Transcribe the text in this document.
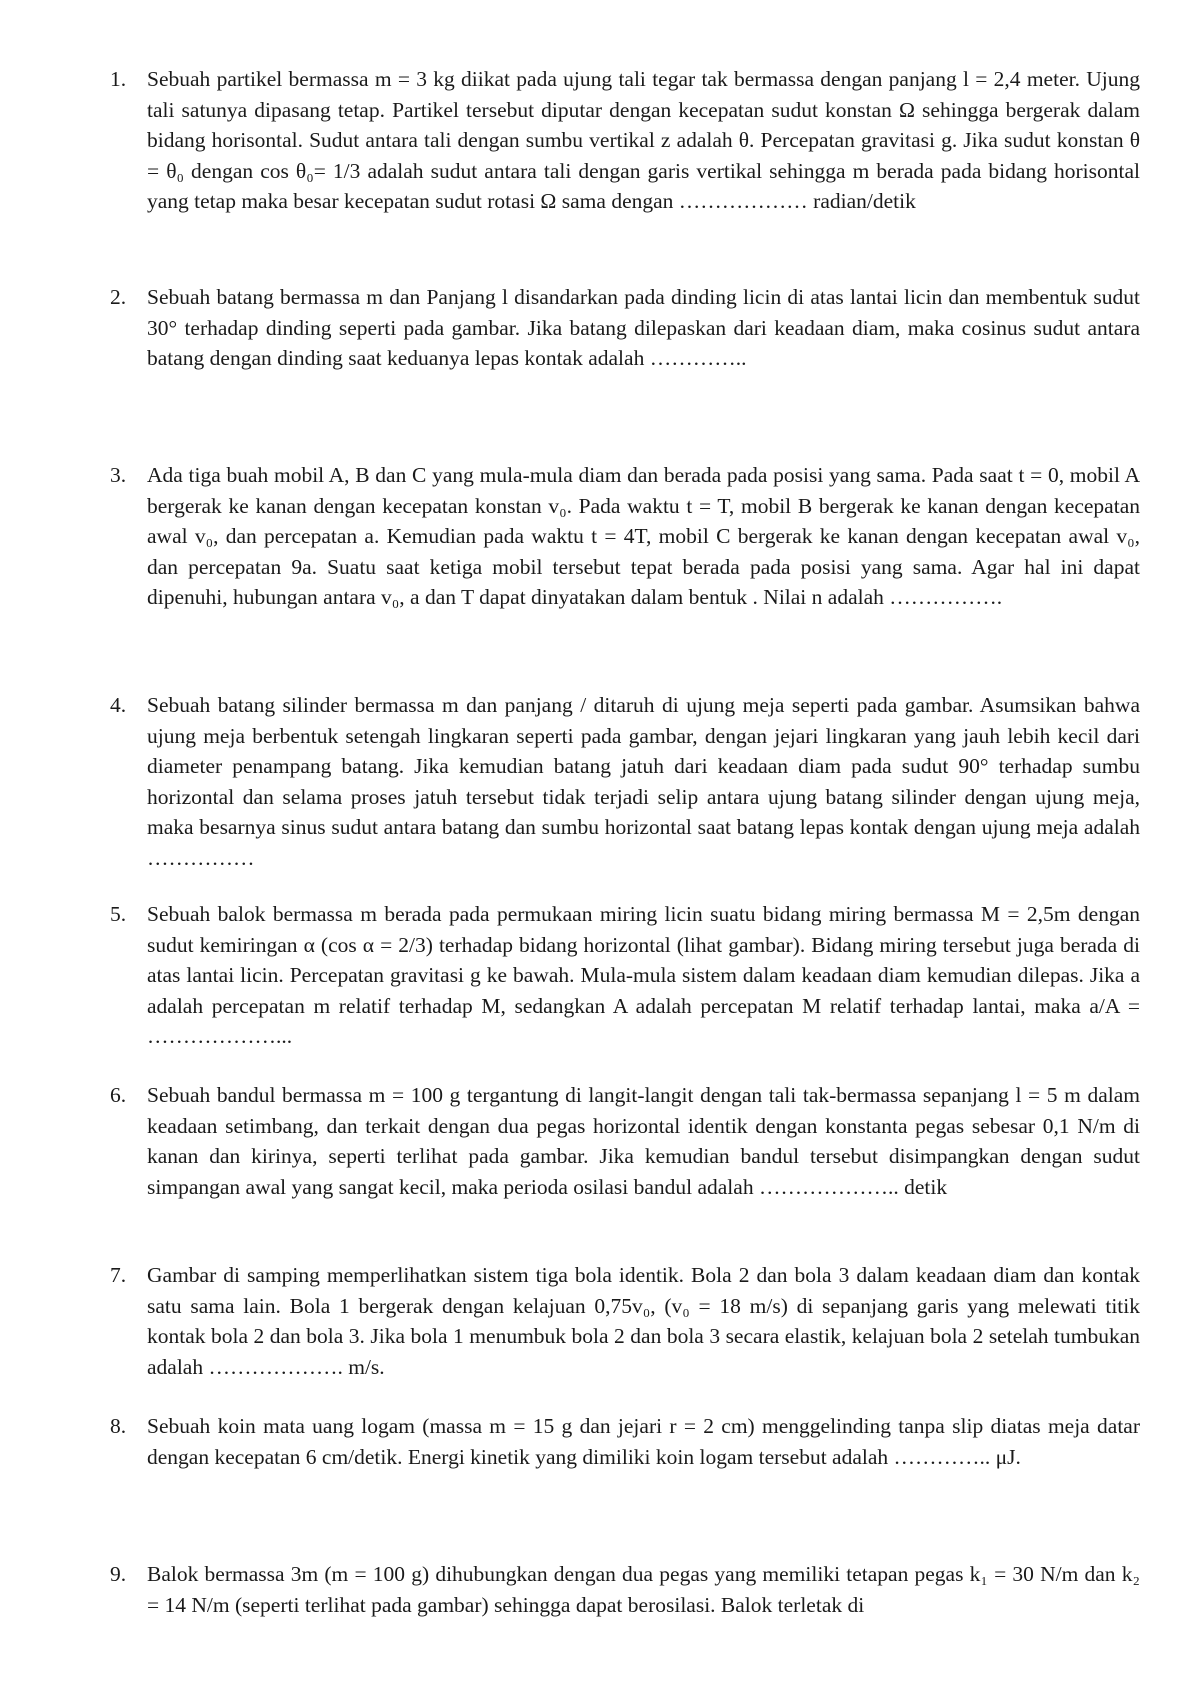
1. Sebuah partikel bermassa m = 3 kg diikat pada ujung tali tegar tak bermassa dengan panjang l = 2,4 meter. Ujung tali satunya dipasang tetap. Partikel tersebut diputar dengan kecepatan sudut konstan Ω sehingga bergerak dalam bidang horisontal. Sudut antara tali dengan sumbu vertikal z adalah θ. Percepatan gravitasi g. Jika sudut konstan θ = θ₀ dengan cos θ₀= 1/3 adalah sudut antara tali dengan garis vertikal sehingga m berada pada bidang horisontal yang tetap maka besar kecepatan sudut rotasi Ω sama dengan ……………… radian/detik
2. Sebuah batang bermassa m dan Panjang l disandarkan pada dinding licin di atas lantai licin dan membentuk sudut 30° terhadap dinding seperti pada gambar. Jika batang dilepaskan dari keadaan diam, maka cosinus sudut antara batang dengan dinding saat keduanya lepas kontak adalah …………..
3. Ada tiga buah mobil A, B dan C yang mula-mula diam dan berada pada posisi yang sama. Pada saat t = 0, mobil A bergerak ke kanan dengan kecepatan konstan v₀. Pada waktu t = T, mobil B bergerak ke kanan dengan kecepatan awal v₀, dan percepatan a. Kemudian pada waktu t = 4T, mobil C bergerak ke kanan dengan kecepatan awal v₀, dan percepatan 9a. Suatu saat ketiga mobil tersebut tepat berada pada posisi yang sama. Agar hal ini dapat dipenuhi, hubungan antara v₀, a dan T dapat dinyatakan dalam bentuk . Nilai n adalah …………….
4. Sebuah batang silinder bermassa m dan panjang / ditaruh di ujung meja seperti pada gambar. Asumsikan bahwa ujung meja berbentuk setengah lingkaran seperti pada gambar, dengan jejari lingkaran yang jauh lebih kecil dari diameter penampang batang. Jika kemudian batang jatuh dari keadaan diam pada sudut 90° terhadap sumbu horizontal dan selama proses jatuh tersebut tidak terjadi selip antara ujung batang silinder dengan ujung meja, maka besarnya sinus sudut antara batang dan sumbu horizontal saat batang lepas kontak dengan ujung meja adalah ……………
5. Sebuah balok bermassa m berada pada permukaan miring licin suatu bidang miring bermassa M = 2,5m dengan sudut kemiringan α (cos α = 2/3) terhadap bidang horizontal (lihat gambar). Bidang miring tersebut juga berada di atas lantai licin. Percepatan gravitasi g ke bawah. Mula-mula sistem dalam keadaan diam kemudian dilepas. Jika a adalah percepatan m relatif terhadap M, sedangkan A adalah percepatan M relatif terhadap lantai, maka a/A = ………………...
6. Sebuah bandul bermassa m = 100 g tergantung di langit-langit dengan tali tak-bermassa sepanjang l = 5 m dalam keadaan setimbang, dan terkait dengan dua pegas horizontal identik dengan konstanta pegas sebesar 0,1 N/m di kanan dan kirinya, seperti terlihat pada gambar. Jika kemudian bandul tersebut disimpangkan dengan sudut simpangan awal yang sangat kecil, maka perioda osilasi bandul adalah ……………….. detik
7. Gambar di samping memperlihatkan sistem tiga bola identik. Bola 2 dan bola 3 dalam keadaan diam dan kontak satu sama lain. Bola 1 bergerak dengan kelajuan 0,75v₀, (v₀ = 18 m/s) di sepanjang garis yang melewati titik kontak bola 2 dan bola 3. Jika bola 1 menumbuk bola 2 dan bola 3 secara elastik, kelajuan bola 2 setelah tumbukan adalah ………………. m/s.
8. Sebuah koin mata uang logam (massa m = 15 g dan jejari r = 2 cm) menggelinding tanpa slip diatas meja datar dengan kecepatan 6 cm/detik. Energi kinetik yang dimiliki koin logam tersebut adalah ………….. μJ.
9. Balok bermassa 3m (m = 100 g) dihubungkan dengan dua pegas yang memiliki tetapan pegas k₁ = 30 N/m dan k₂ = 14 N/m (seperti terlihat pada gambar) sehingga dapat berosilasi. Balok terletak di
